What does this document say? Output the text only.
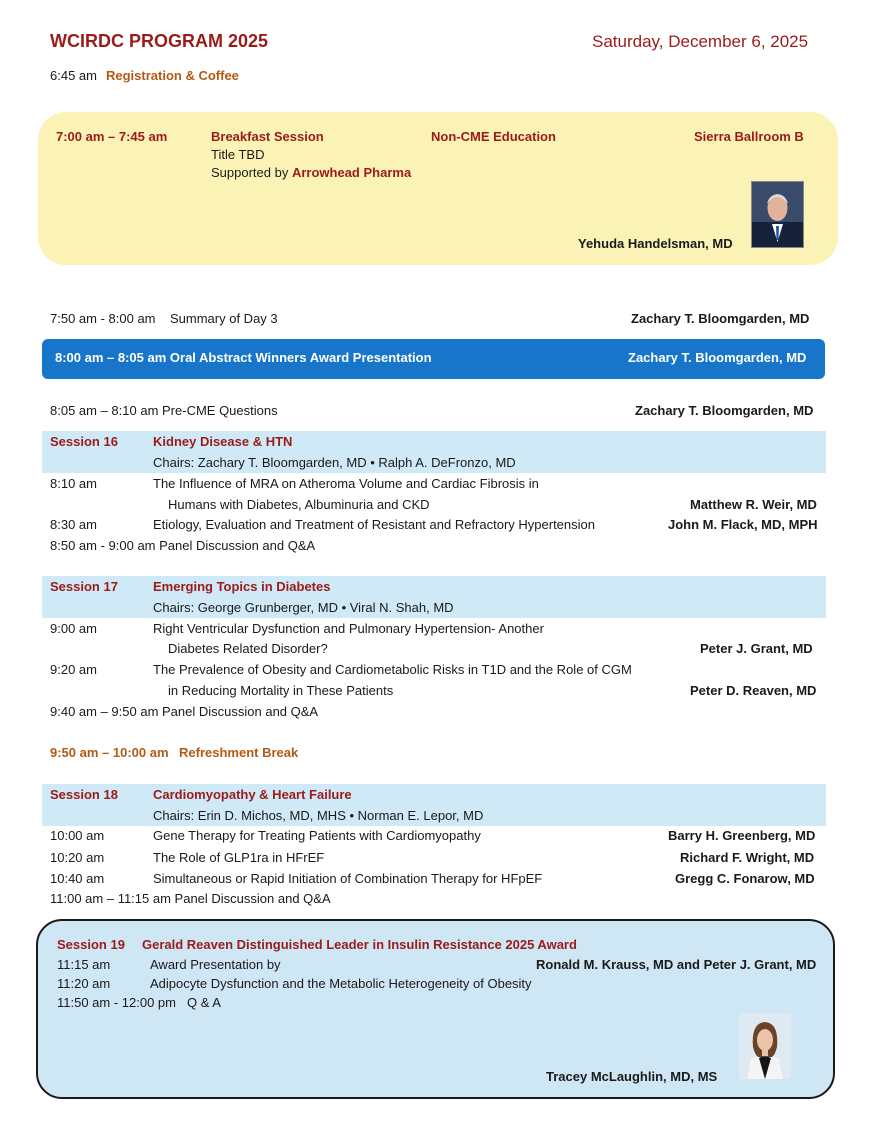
WCIRDC PROGRAM 2025	Saturday, December 6, 2025
6:45 am Registration & Coffee
7:00 am – 7:45 am	Breakfast Session	Non-CME Education	Sierra Ballroom B
Title TBD
Supported by Arrowhead Pharma
Yehuda Handelsman, MD
7:50 am - 8:00 am Summary of Day 3	Zachary T. Bloomgarden, MD
8:00 am – 8:05 am Oral Abstract Winners Award Presentation	Zachary T. Bloomgarden, MD
8:05 am – 8:10 am Pre-CME Questions	Zachary T. Bloomgarden, MD
Session 16	Kidney Disease & HTN
Chairs: Zachary T. Bloomgarden, MD • Ralph A. DeFronzo, MD
8:10 am	The Influence of MRA on Atheroma Volume and Cardiac Fibrosis in
Humans with Diabetes, Albuminuria and CKD	Matthew R. Weir, MD
8:30 am	Etiology, Evaluation and Treatment of Resistant and Refractory Hypertension	John M. Flack, MD, MPH
8:50 am - 9:00 am Panel Discussion and Q&A
Session 17	Emerging Topics in Diabetes
Chairs: George Grunberger, MD • Viral N. Shah, MD
9:00 am	Right Ventricular Dysfunction and Pulmonary Hypertension- Another
Diabetes Related Disorder?	Peter J. Grant, MD
9:20 am	The Prevalence of Obesity and Cardiometabolic Risks in T1D and the Role of CGM
in Reducing Mortality in These Patients	Peter D. Reaven, MD
9:40 am – 9:50 am Panel Discussion and Q&A
9:50 am – 10:00 am Refreshment Break
Session 18	Cardiomyopathy & Heart Failure
Chairs: Erin D. Michos, MD, MHS • Norman E. Lepor, MD
10:00 am	Gene Therapy for Treating Patients with Cardiomyopathy	Barry H. Greenberg, MD
10:20 am	The Role of GLP1ra in HFrEF	Richard F. Wright, MD
10:40 am	Simultaneous or Rapid Initiation of Combination Therapy for HFpEF	Gregg C. Fonarow, MD
11:00 am – 11:15 am Panel Discussion and Q&A
Session 19 Gerald Reaven Distinguished Leader in Insulin Resistance 2025 Award
11:15 am	Award Presentation by	Ronald M. Krauss, MD and Peter J. Grant, MD
11:20 am	Adipocyte Dysfunction and the Metabolic Heterogeneity of Obesity
11:50 am - 12:00 pm Q & A
Tracey McLaughlin, MD, MS
